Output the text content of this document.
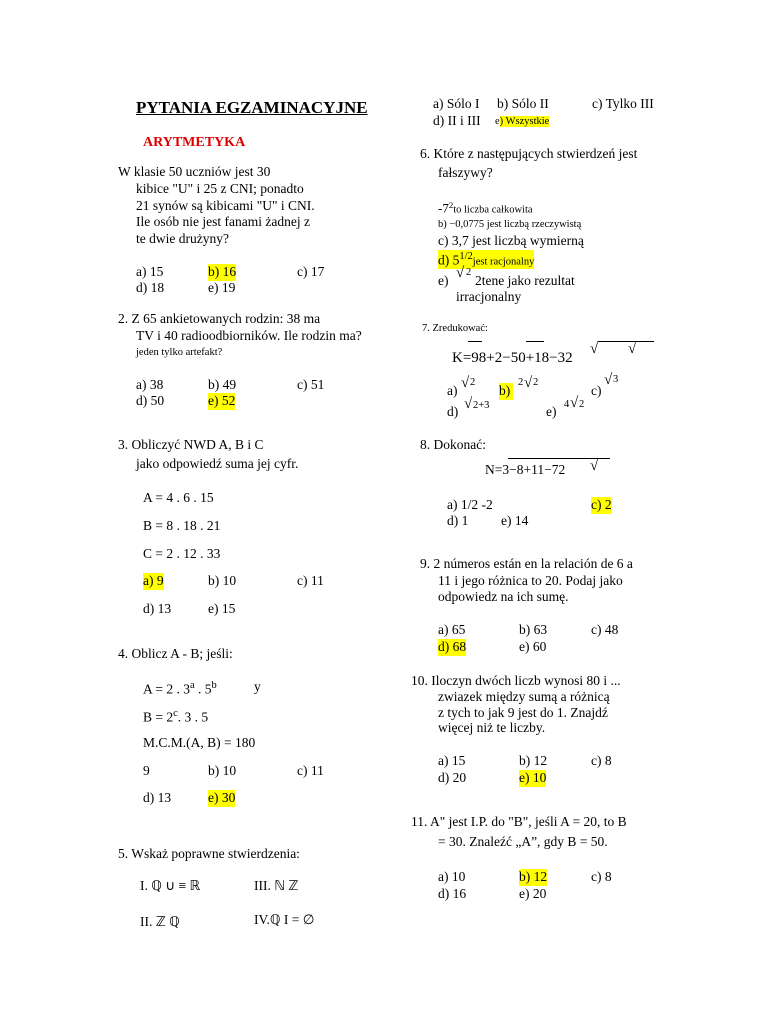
PYTANIA EGZAMINACYJNE
ARYTMETYKA
W klasie 50 uczniów jest 30
kibice "U" i 25 z CNI; ponadto
21 synów są kibicami "U" i CNI.
Ile osób nie jest fanami żadnej z
te dwie drużyny?
a) 15	b) 16	c) 17
d) 18	e) 19
2. Z 65 ankietowanych rodzin: 38 ma
TV i 40 radioodbiorników. Ile rodzin ma?
jeden tylko artefakt?
a) 38	b) 49	c) 51
d) 50	e) 52
3. Obliczyć NWD A, B i C
jako odpowiedź suma jej cyfr.
A = 4 . 6 . 15
B = 8 . 18 . 21
C = 2 . 12 . 33
a) 9	b) 10	c) 11
d) 13	e) 15
4. Oblicz A - B; jeśli:
A = 2 . 3$^a$ . 5$^b$	y
$B = 2^c$. 3 . 5
M.C.M.(A, B) = 180
9	b) 10	c) 11
d) 13	e) 30
5. Wskaż poprawne stwierdzenia:
I. ℚ ∪ ≡ ℝ	III. ℕ ℤ
II. ℤ ℚ	IV.ℚ I = ∅
a) Sólo I b) Sólo II	c) Tylko III
d) II i III e) Wszystkie
6. Które z następujących stwierdzeń jest
fałszywy?
$-7^2to$ liczba całkowita
b) −0,0775 jest liczbą rzeczywistą
c) 3,7 jest liczbą wymierną
d) $5^{1/2}jest$ racjonalny
e) √ 2
2tene jako rezultat
irracjonalny
7. Zredukować:
K=98+2−50+18−32
√ √
a) √ 2
b)
2 √ 2
c)
√ 3
d) √ 2+3	e) 4 √ 2
8. Dokonać:
N=3−8+11−72 √
a) 1/2 -2	c) 2
d) 1 e) 14
9. 2 números están en la relación de 6 a
11 i jego różnica to 20. Podaj jako
odpowiedz na ich sumę.
a) 65	b) 63	c) 48
d) 68	e) 60
10. Iloczyn dwóch liczb wynosi 80 i ...
zwiazek między sumą a różnicą
z tych to jak 9 jest do 1. Znajdź
więcej niż te liczby.
a) 15	b) 12	c) 8
d) 20	e) 10
11. A" jest I.P. do "B", jeśli A = 20, to B
= 30. Znaleźć „A”, gdy B = 50.
a) 10	b) 12	c) 8
d) 16	e) 20
